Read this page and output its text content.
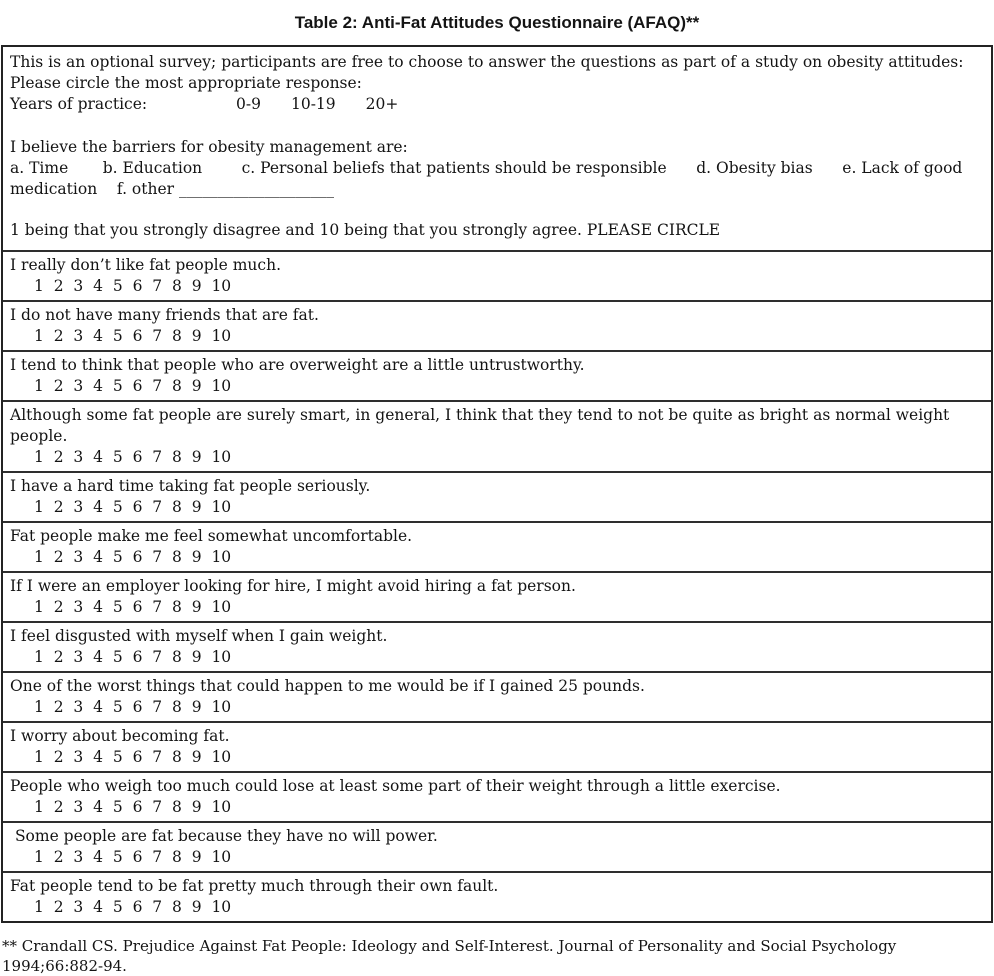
Table 2: Anti-Fat Attitudes Questionnaire (AFAQ)**
This is an optional survey; participants are free to choose to answer the questions as part of a study on obesity attitudes:
Please circle the most appropriate response:
Years of practice:	0-9 10-19 20+
I believe the barriers for obesity management are:
a. Time       b. Education        c. Personal beliefs that patients should be responsible      d. Obesity bias      e. Lack of good medication    f. other ____________________
1 being that you strongly disagree and 10 being that you strongly agree. PLEASE CIRCLE
I really don’t like fat people much.
1  2  3  4  5  6  7  8  9  10
I do not have many friends that are fat.
1  2  3  4  5  6  7  8  9  10
I tend to think that people who are overweight are a little untrustworthy.
1  2  3  4  5  6  7  8  9  10
Although some fat people are surely smart, in general, I think that they tend to not be quite as bright as normal weight people.
1  2  3  4  5  6  7  8  9  10
I have a hard time taking fat people seriously.
1  2  3  4  5  6  7  8  9  10
Fat people make me feel somewhat uncomfortable.
1  2  3  4  5  6  7  8  9  10
If I were an employer looking for hire, I might avoid hiring a fat person.
1  2  3  4  5  6  7  8  9  10
I feel disgusted with myself when I gain weight.
1  2  3  4  5  6  7  8  9  10
One of the worst things that could happen to me would be if I gained 25 pounds.
1  2  3  4  5  6  7  8  9  10
I worry about becoming fat.
1  2  3  4  5  6  7  8  9  10
People who weigh too much could lose at least some part of their weight through a little exercise.
1  2  3  4  5  6  7  8  9  10
Some people are fat because they have no will power.
1  2  3  4  5  6  7  8  9  10
Fat people tend to be fat pretty much through their own fault.
1  2  3  4  5  6  7  8  9  10
** Crandall CS. Prejudice Against Fat People: Ideology and Self-Interest. Journal of Personality and Social Psychology 1994;66:882-94.
